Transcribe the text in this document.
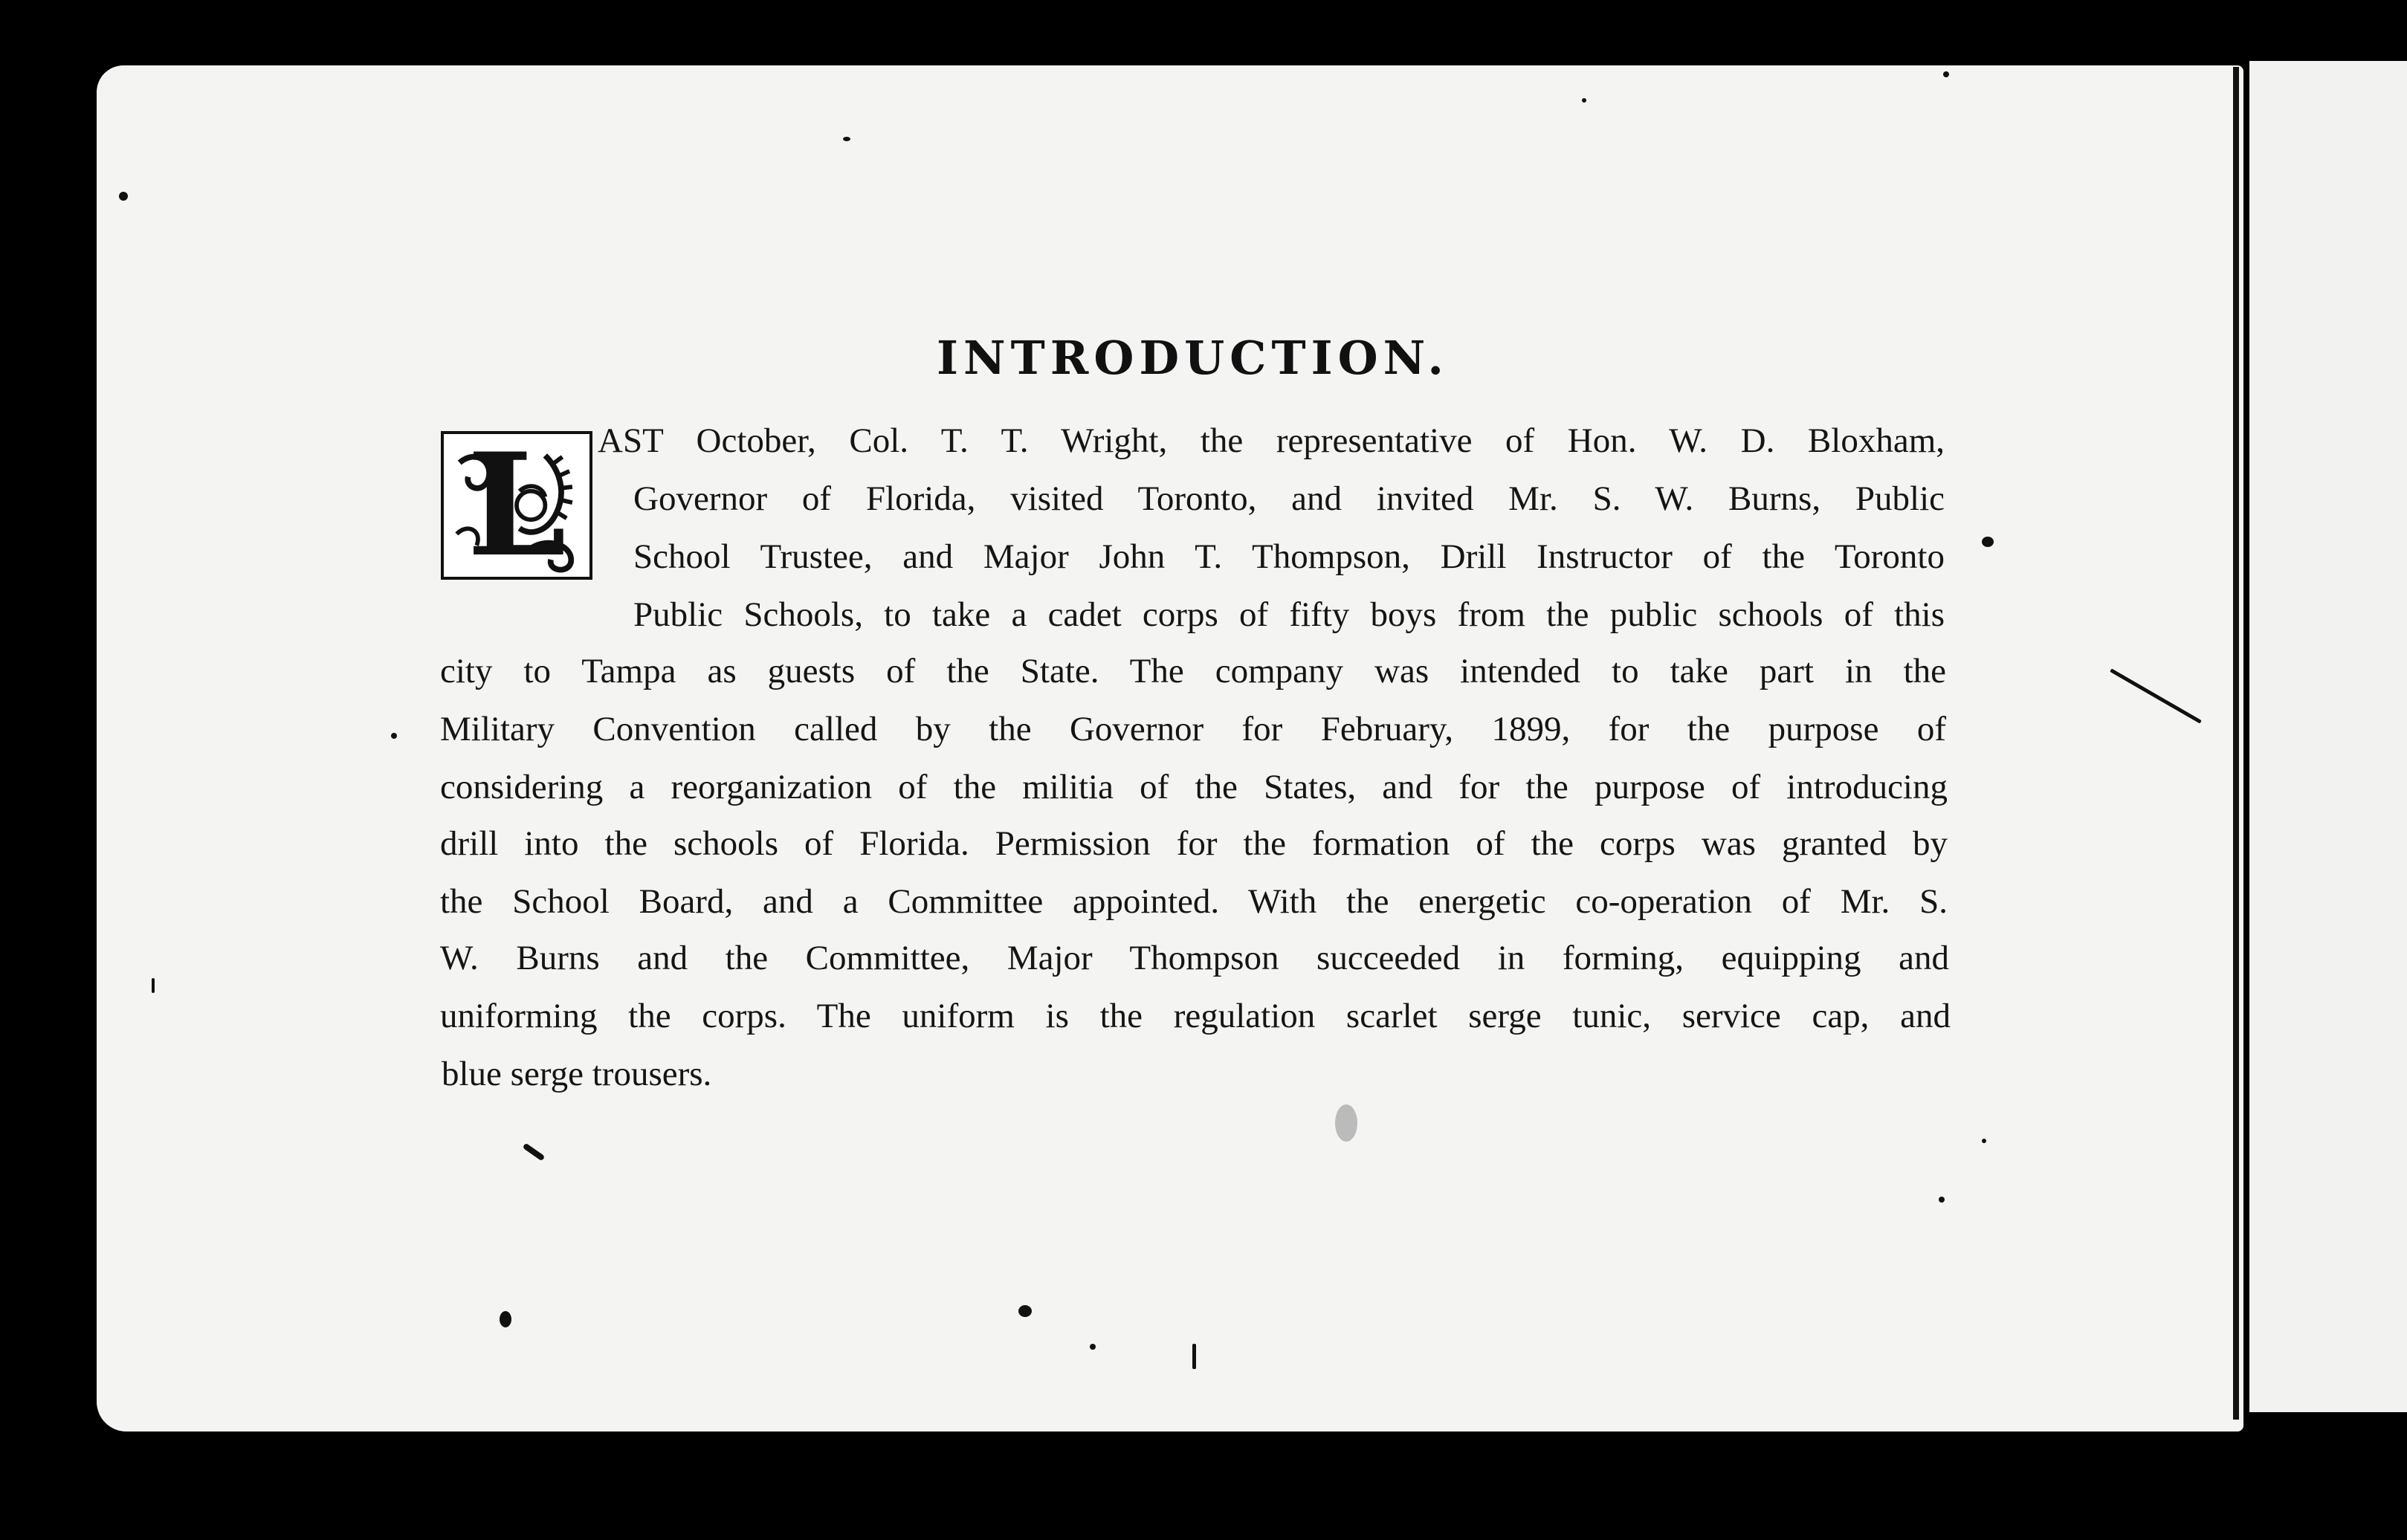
INTRODUCTION.
L AST October, Col. T. T. Wright, the representative of Hon. W. D. Bloxham,
Governor of Florida, visited Toronto, and invited Mr. S. W. Burns, Public
School Trustee, and Major John T. Thompson, Drill Instructor of the Toronto
Public Schools, to take a cadet corps of fifty boys from the public schools of this
city to Tampa as guests of the State. The company was intended to take part in the
Military Convention called by the Governor for February, 1899, for the purpose of
considering a reorganization of the militia of the States, and for the purpose of introducing
drill into the schools of Florida. Permission for the formation of the corps was granted by
the School Board, and a Committee appointed. With the energetic co-operation of Mr. S.
W. Burns and the Committee, Major Thompson succeeded in forming, equipping and
uniforming the corps. The uniform is the regulation scarlet serge tunic, service cap, and
blue serge trousers.
